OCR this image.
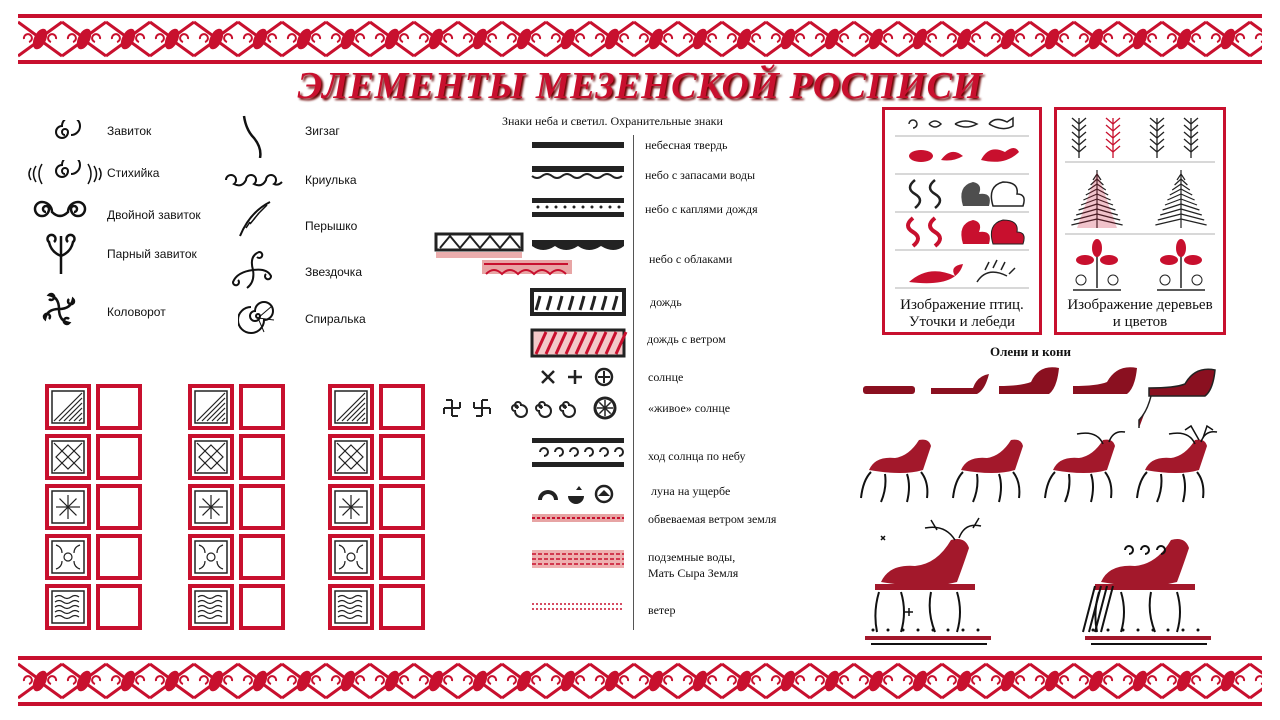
ЭЛЕМЕНТЫ МЕЗЕНСКОЙ РОСПИСИ
Завиток
Стихийка
Двойной завиток
Парный завиток
Коловорот
Зигзаг
Криулька
Перышко
Звездочка
Спиралька
Знаки неба и светил. Охранительные знаки
небесная твердь
небо с запасами воды
небо с каплями дождя
небо с облаками
дождь
дождь с ветром
солнце
«живое» солнце
ход солнца по небу
луна на ущербе
обвеваемая ветром земля
подземные воды,
Мать Сыра Земля
ветер
Изображение птиц.
Уточки и лебеди
Изображение деревьев
и цветов
Олени и кони
